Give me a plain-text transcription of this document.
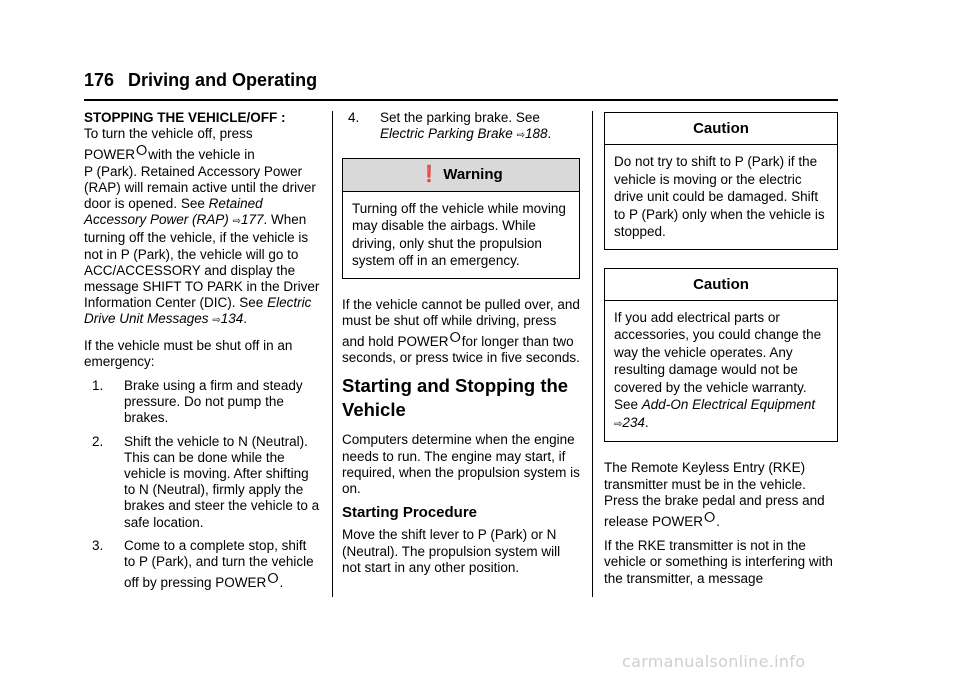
176 Driving and Operating
STOPPING THE VEHICLE/OFF :

To turn the vehicle off, press
POWER⭘with the vehicle in
P (Park). Retained Accessory Power (RAP) will remain active until the driver door is opened. See Retained Accessory Power (RAP) ⇨177. When turning off the vehicle, if the vehicle is not in P (Park), the vehicle will go to ACC/ACCESSORY and display the message SHIFT TO PARK in the Driver Information Center (DIC). See Electric Drive Unit Messages ⇨134.

If the vehicle must be shut off in an emergency:

1.	Brake using a firm and steady pressure. Do not pump the brakes.
2.	Shift the vehicle to N (Neutral). This can be done while the vehicle is moving. After shifting to N (Neutral), firmly apply the brakes and steer the vehicle to a safe location.
3.	Come to a complete stop, shift to P (Park), and turn the vehicle off by pressing POWER⭘.
4.	Set the parking brake. See
Electric Parking Brake ⇨188.
❗ Warning
Turning off the vehicle while moving may disable the airbags. While driving, only shut the propulsion system off in an emergency.

If the vehicle cannot be pulled over, and must be shut off while driving, press and hold POWER⭘for longer than two seconds, or press twice in five seconds.

Starting and Stopping the Vehicle

Computers determine when the engine needs to run. The engine may start, if required, when the propulsion system is on.

Starting Procedure

Move the shift lever to P (Park) or N (Neutral). The propulsion system will not start in any other position.

Caution
Do not try to shift to P (Park) if the vehicle is moving or the electric drive unit could be damaged. Shift to P (Park) only when the vehicle is stopped.
Caution
If you add electrical parts or accessories, you could change the way the vehicle operates. Any resulting damage would not be covered by the vehicle warranty. See Add-On Electrical Equipment ⇨234.

The Remote Keyless Entry (RKE) transmitter must be in the vehicle. Press the brake pedal and press and release POWER⭘.

If the RKE transmitter is not in the vehicle or something is interfering with the transmitter, a message

carmanualsonline.info
